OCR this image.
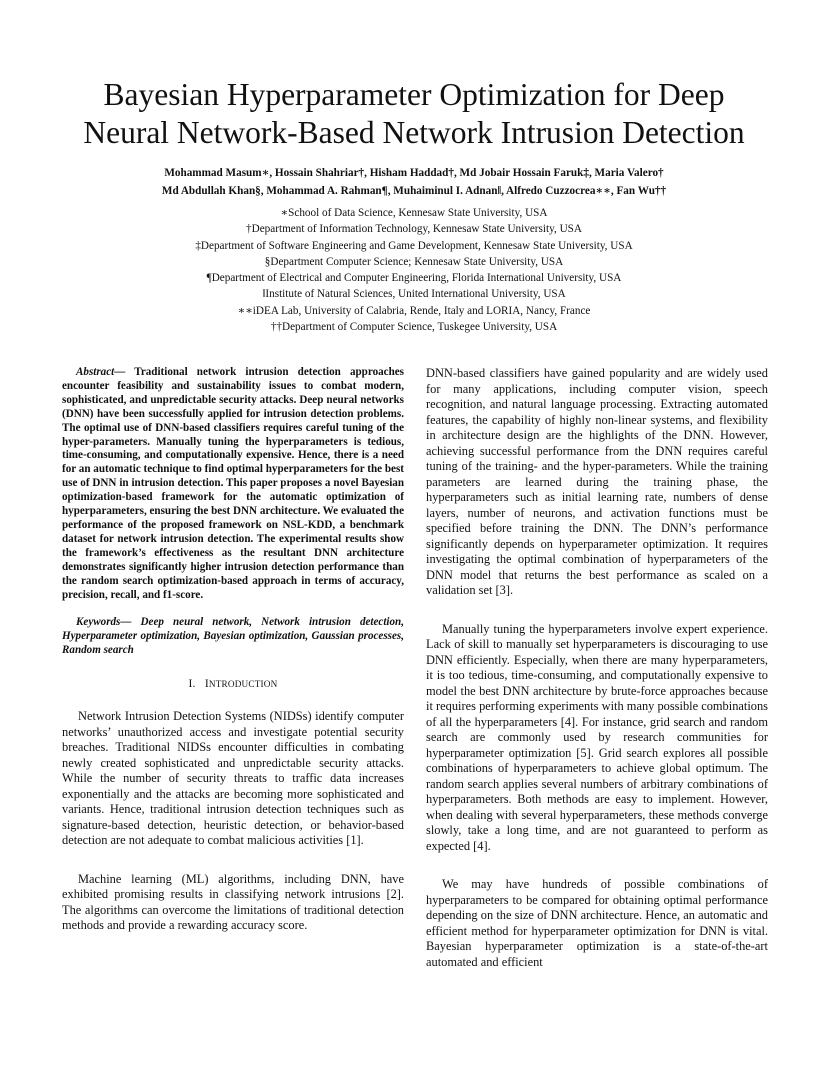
Bayesian Hyperparameter Optimization for Deep
Neural Network-Based Network Intrusion Detection
Mohammad Masum∗, Hossain Shahriar†, Hisham Haddad†, Md Jobair Hossain Faruk‡, Maria Valero†
Md Abdullah Khan§, Mohammad A. Rahman¶, Muhaiminul I. Adnan‖, Alfredo Cuzzocrea∗∗, Fan Wu††
∗School of Data Science, Kennesaw State University, USA
†Department of Information Technology, Kennesaw State University, USA
‡Department of Software Engineering and Game Development, Kennesaw State University, USA
§Department Computer Science; Kennesaw State University, USA
¶Department of Electrical and Computer Engineering, Florida International University, USA
‖Institute of Natural Sciences, United International University, USA
∗∗iDEA Lab, University of Calabria, Rende, Italy and LORIA, Nancy, France
††Department of Computer Science, Tuskegee University, USA

Abstract— Traditional network intrusion detection approaches encounter feasibility and sustainability issues to combat modern, sophisticated, and unpredictable security attacks. Deep neural networks (DNN) have been successfully applied for intrusion detection problems. The optimal use of DNN-based classifiers requires careful tuning of the hyper-parameters. Manually tuning the hyperparameters is tedious, time-consuming, and computationally expensive. Hence, there is a need for an automatic technique to find optimal hyperparameters for the best use of DNN in intrusion detection. This paper proposes a novel Bayesian optimization-based framework for the automatic optimization of hyperparameters, ensuring the best DNN architecture. We evaluated the performance of the proposed framework on NSL-KDD, a benchmark dataset for network intrusion detection. The experimental results show the framework’s effectiveness as the resultant DNN architecture demonstrates significantly higher intrusion detection performance than the random search optimization-based approach in terms of accuracy, precision, recall, and f1-score.

Keywords— Deep neural network, Network intrusion detection, Hyperparameter optimization, Bayesian optimization, Gaussian processes, Random search

I. INTRODUCTION

Network Intrusion Detection Systems (NIDSs) identify computer networks’ unauthorized access and investigate potential security breaches. Traditional NIDSs encounter difficulties in combating newly created sophisticated and unpredictable security attacks. While the number of security threats to traffic data increases exponentially and the attacks are becoming more sophisticated and variants. Hence, traditional intrusion detection techniques such as signature-based detection, heuristic detection, or behavior-based detection are not adequate to combat malicious activities [1].

Machine learning (ML) algorithms, including DNN, have exhibited promising results in classifying network intrusions [2]. The algorithms can overcome the limitations of traditional detection methods and provide a rewarding accuracy score.

DNN-based classifiers have gained popularity and are widely used for many applications, including computer vision, speech recognition, and natural language processing. Extracting automated features, the capability of highly non-linear systems, and flexibility in architecture design are the highlights of the DNN. However, achieving successful performance from the DNN requires careful tuning of the training- and the hyper-parameters. While the training parameters are learned during the training phase, the hyperparameters such as initial learning rate, numbers of dense layers, number of neurons, and activation functions must be specified before training the DNN. The DNN’s performance significantly depends on hyperparameter optimization. It requires investigating the optimal combination of hyperparameters of the DNN model that returns the best performance as scaled on a validation set [3].

Manually tuning the hyperparameters involve expert experience. Lack of skill to manually set hyperparameters is discouraging to use DNN efficiently. Especially, when there are many hyperparameters, it is too tedious, time-consuming, and computationally expensive to model the best DNN architecture by brute-force approaches because it requires performing experiments with many possible combinations of all the hyperparameters [4]. For instance, grid search and random search are commonly used by research communities for hyperparameter optimization [5]. Grid search explores all possible combinations of hyperparameters to achieve global optimum. The random search applies several numbers of arbitrary combinations of hyperparameters. Both methods are easy to implement. However, when dealing with several hyperparameters, these methods converge slowly, take a long time, and are not guaranteed to perform as expected [4].

We may have hundreds of possible combinations of hyperparameters to be compared for obtaining optimal performance depending on the size of DNN architecture. Hence, an automatic and efficient method for hyperparameter optimization for DNN is vital. Bayesian hyperparameter optimization is a state-of-the-art automated and efficient
